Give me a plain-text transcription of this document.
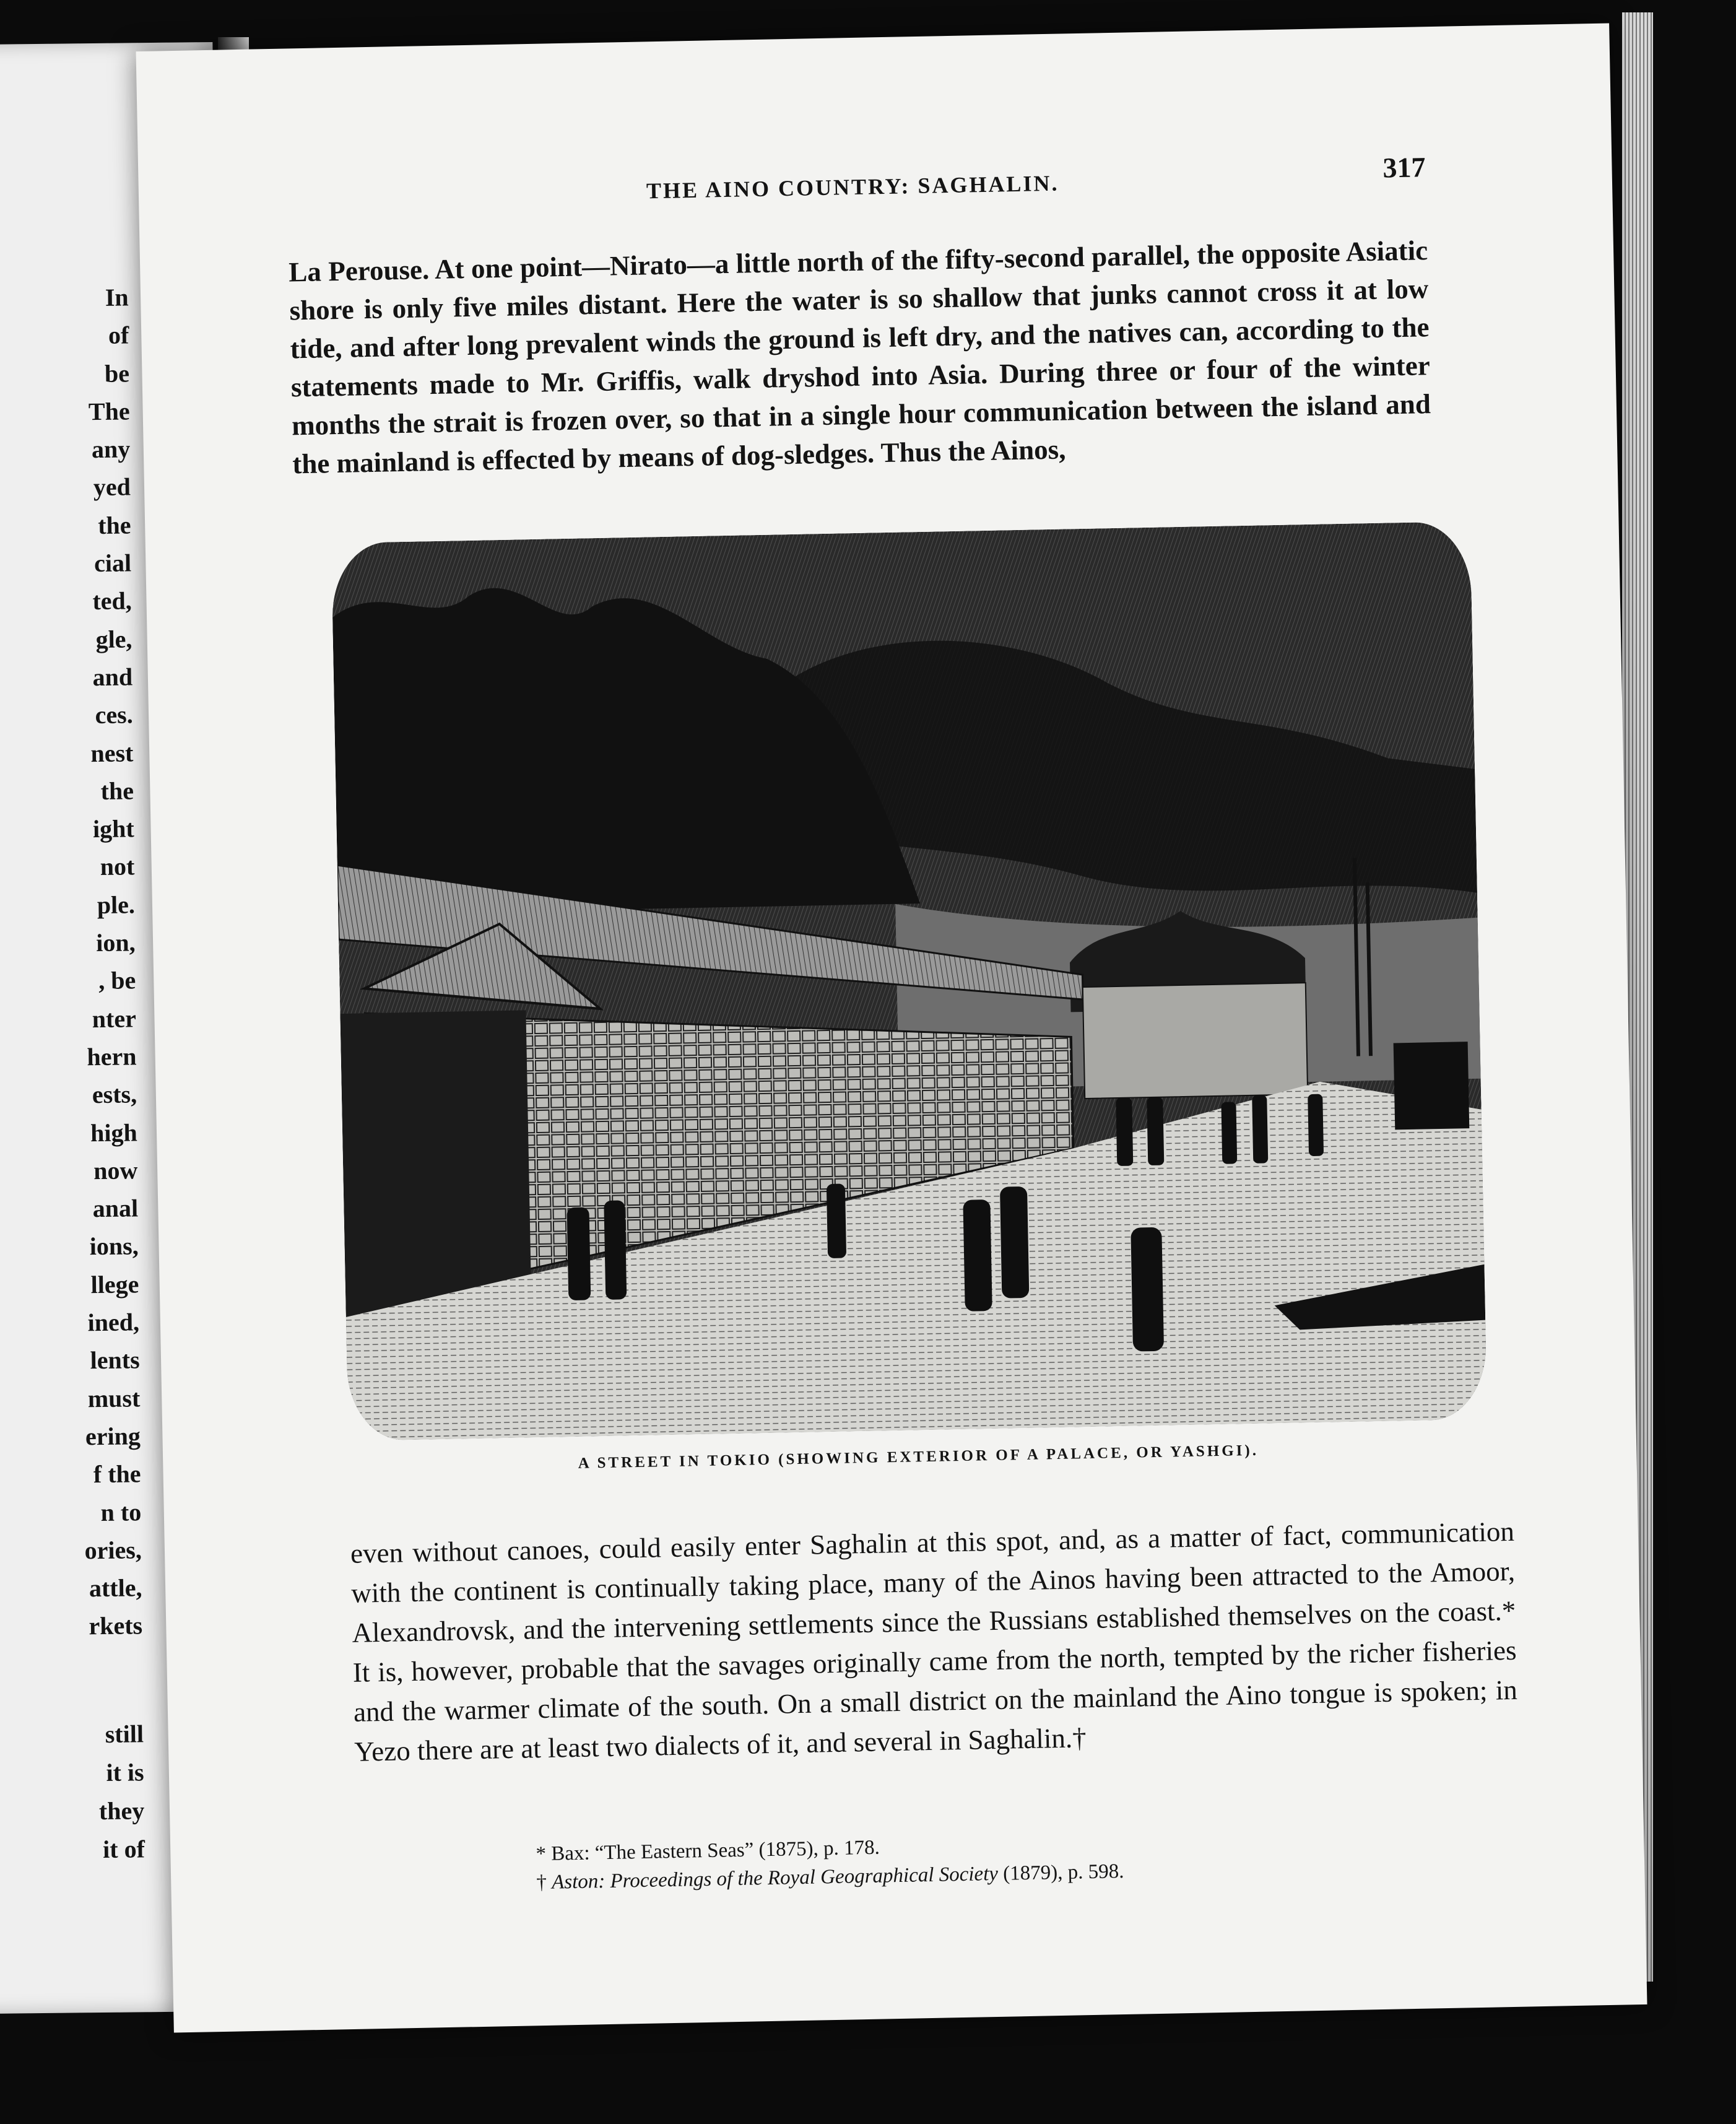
In
of
be
The
any
yed
the
cial
ted,
gle,
and
ces.
nest
the
ight
not
ple.
ion,
, be
nter
hern
ests,
high
now
anal
ions,
llege
ined,
lents
must
ering
f the
n to
ories,
attle,
rkets
still
it is
they
it of
THE AINO COUNTRY: SAGHALIN.
317

La Perouse. At one point—Nirato—a little north of the fifty-second parallel, the opposite Asiatic shore is only five miles distant. Here the water is so shallow that junks cannot cross it at low tide, and after long prevalent winds the ground is left dry, and the natives can, according to the statements made to Mr. Griffis, walk dryshod into Asia. During three or four of the winter months the strait is frozen over, so that in a single hour communication between the island and the mainland is effected by means of dog-sledges. Thus the Ainos,

A STREET IN TOKIO (SHOWING EXTERIOR OF A PALACE, OR YASHGI).

even without canoes, could easily enter Saghalin at this spot, and, as a matter of fact, communication with the continent is continually taking place, many of the Ainos having been attracted to the Amoor, Alexandrovsk, and the intervening settlements since the Russians established themselves on the coast.* It is, however, probable that the savages originally came from the north, tempted by the richer fisheries and the warmer climate of the south. On a small district on the mainland the Aino tongue is spoken; in Yezo there are at least two dialects of it, and several in Saghalin.†

* Bax: “The Eastern Seas” (1875), p. 178.
† Aston: Proceedings of the Royal Geographical Society (1879), p. 598.
